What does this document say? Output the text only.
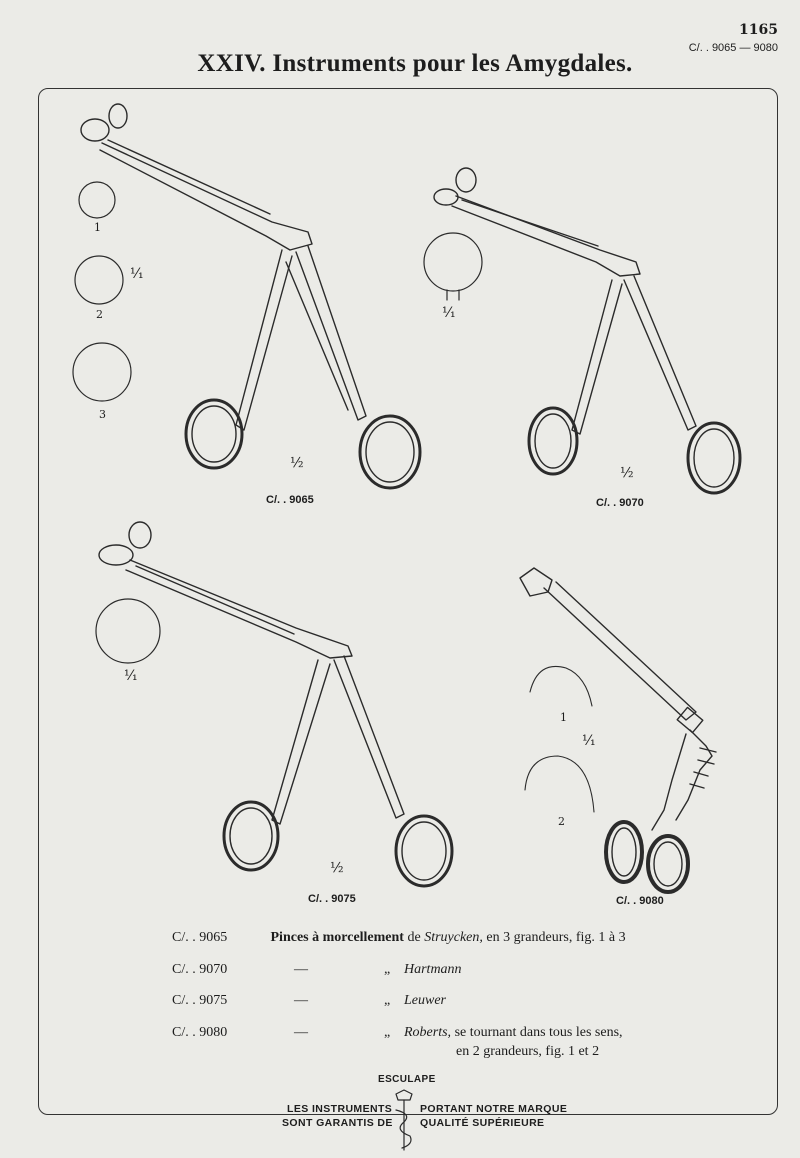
1165
C/. . 9065 — 9080
XXIV. Instruments pour les Amygdales.
1
¹⁄₁
2
3
½
C/. . 9065
¹⁄₁
½
C/. . 9070
¹⁄₁
½
C/. . 9075
1
¹⁄₁
2
C/. . 9080
C/. . 9065	Pinces à morcellement de Struycken, en 3 grandeurs, fig. 1 à 3
C/. . 9070	—	„ Hartmann
C/. . 9075	—	„ Leuwer
C/. . 9080	—	„ Roberts, se tournant dans tous les sens,
en 2 grandeurs, fig. 1 et 2
ESCULAPE
LES INSTRUMENTS
SONT GARANTIS DE
PORTANT NOTRE MARQUE
QUALITÉ SUPÉRIEURE
